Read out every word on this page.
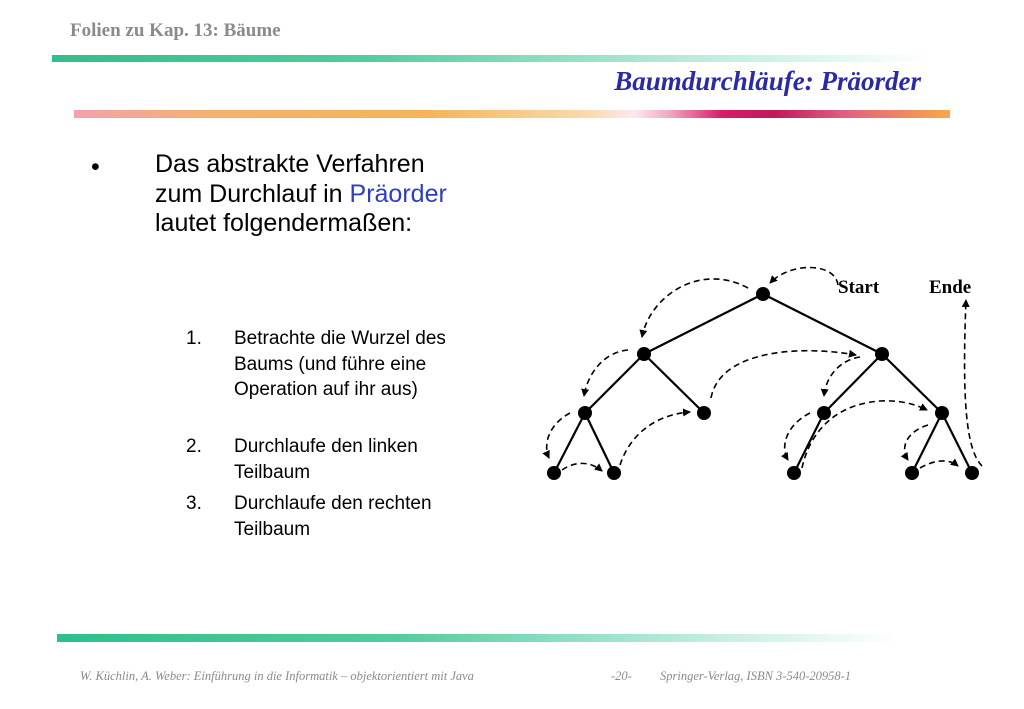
Folien zu Kap. 13: Bäume
Baumdurchläufe: Präorder
• Das abstrakte Verfahren zum Durchlauf in Präorder lautet folgendermaßen:
1. Betrachte die Wurzel des Baums (und führe eine Operation auf ihr aus)
2. Durchlaufe den linken Teilbaum
3. Durchlaufe den rechten Teilbaum
Start	Ende
W. Küchlin, A. Weber: Einführung in die Informatik – objektorientiert mit Java	-20- Springer-Verlag, ISBN 3-540-20958-1
